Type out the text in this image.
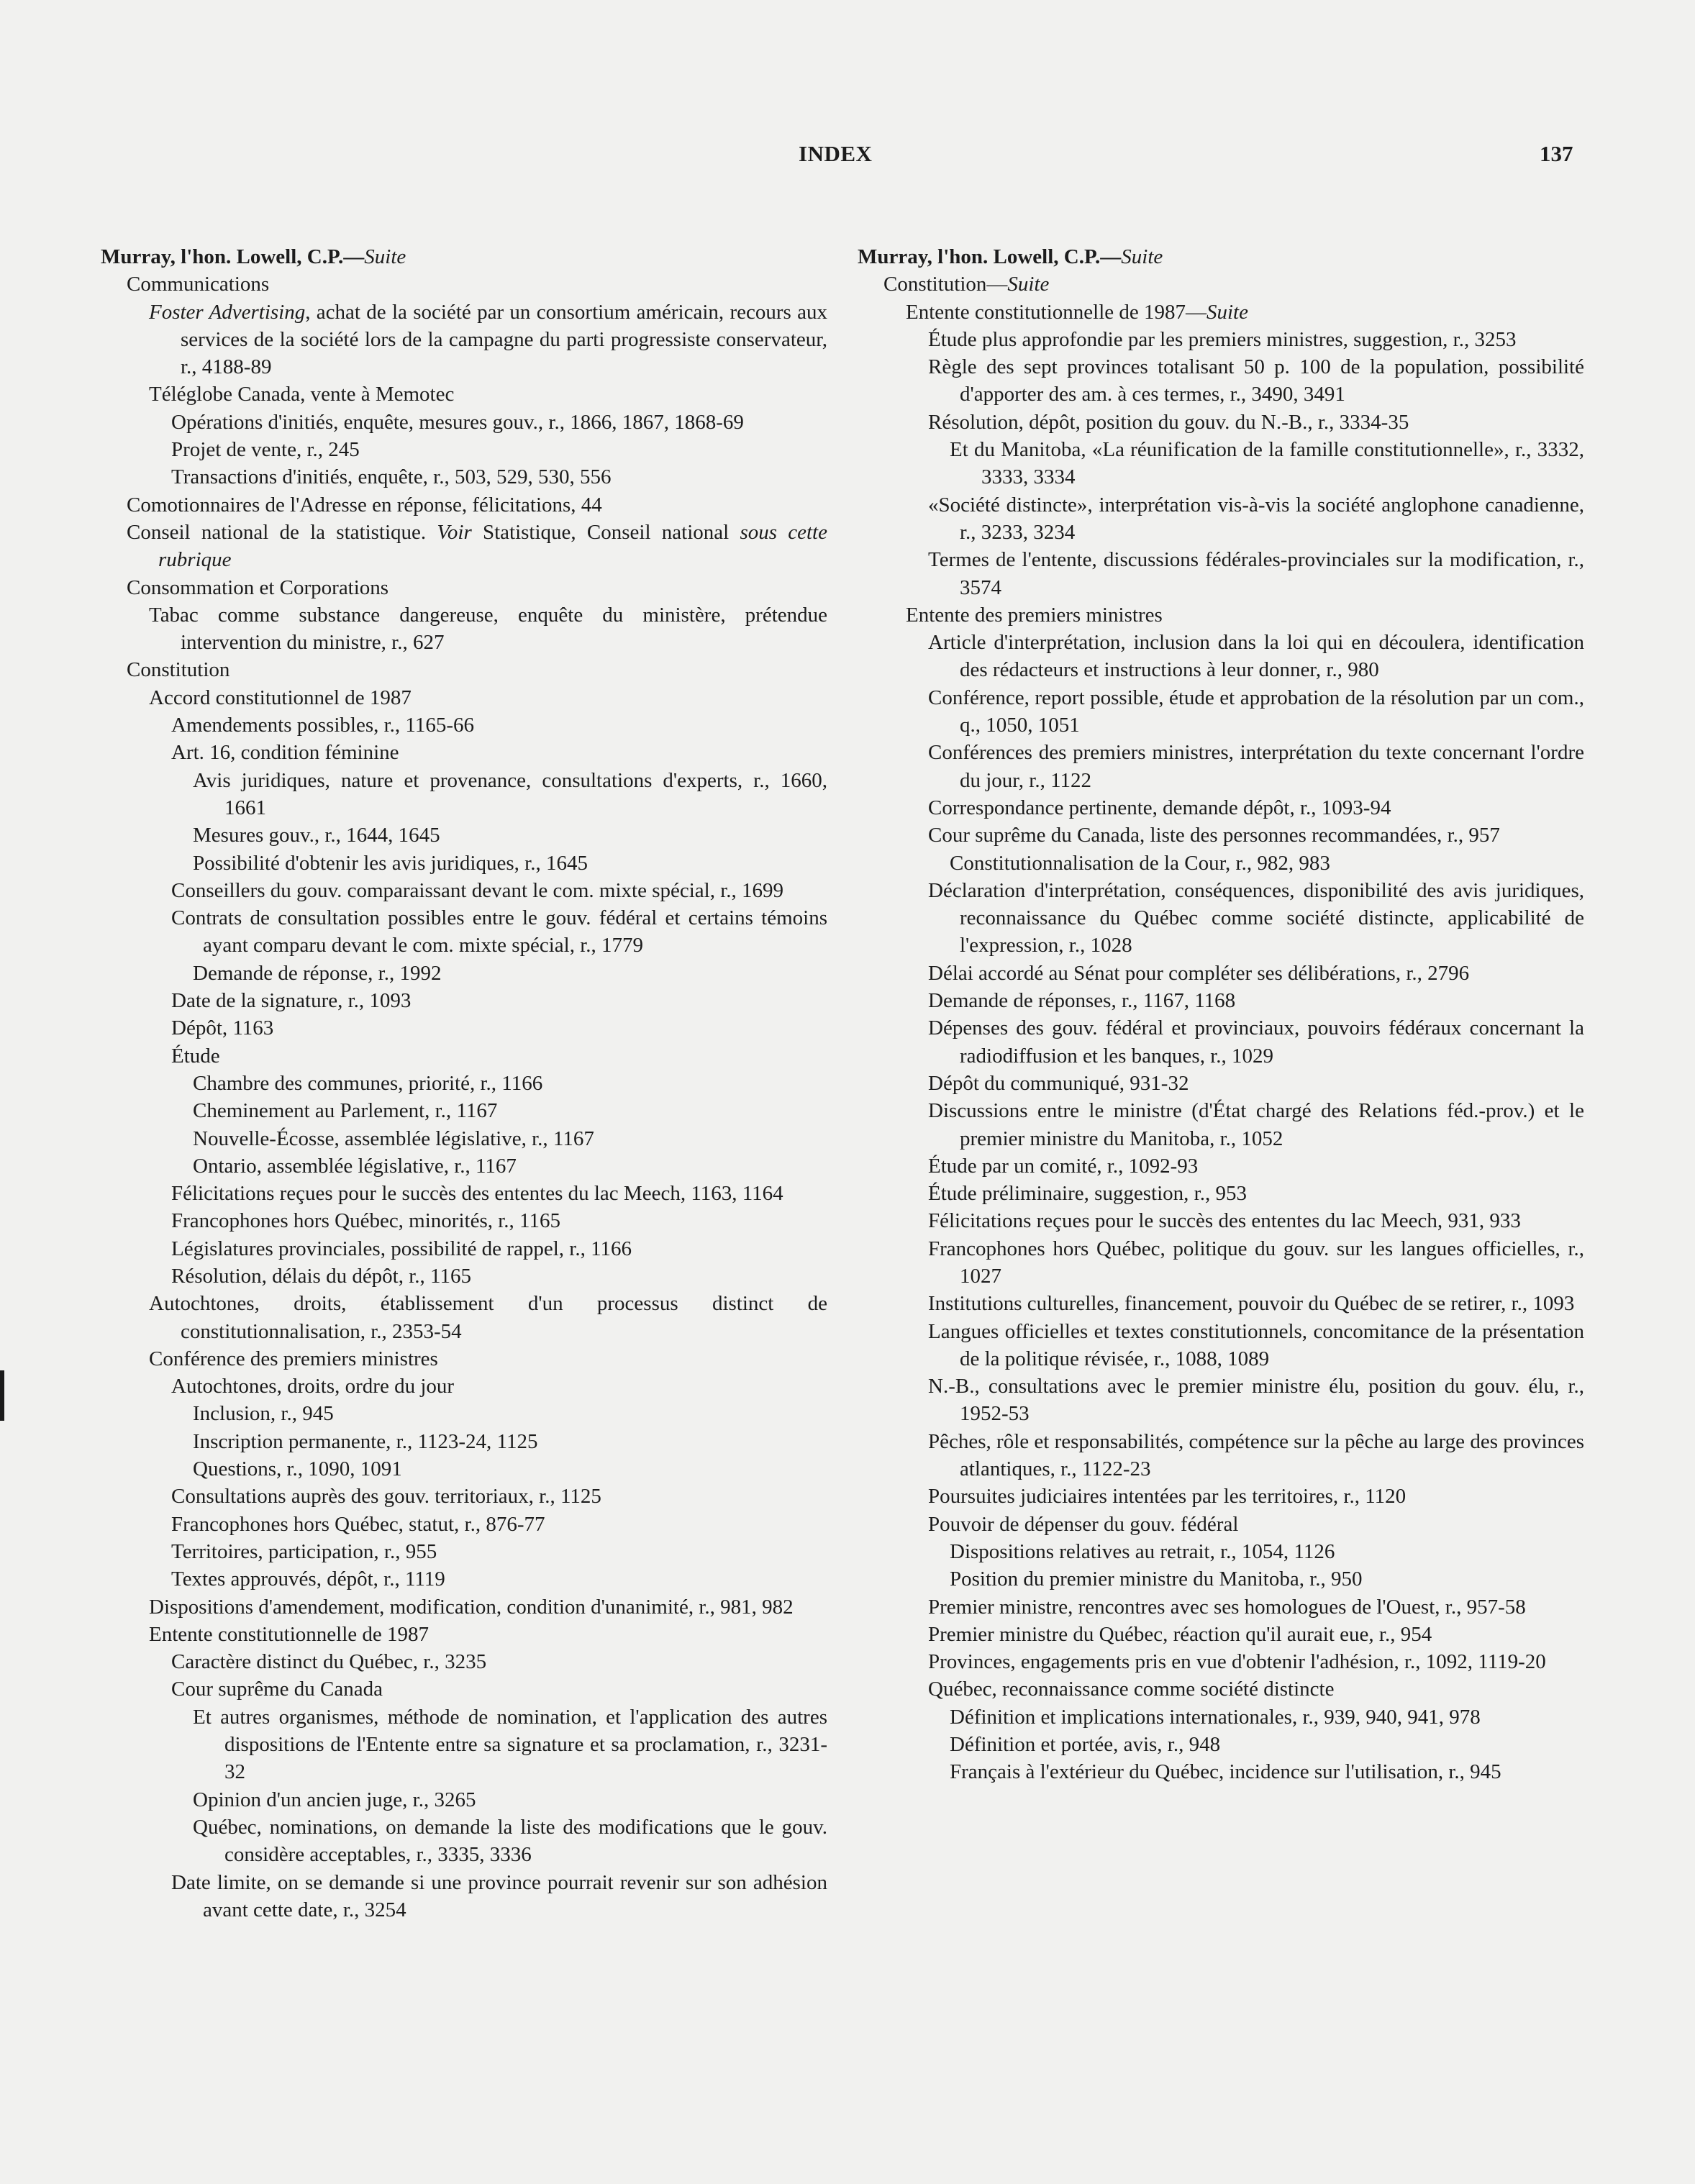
INDEX	137

Murray, l'hon. Lowell, C.P.—Suite

Communications

Foster Advertising, achat de la société par un consortium américain, recours aux services de la société lors de la campagne du parti progressiste conservateur, r., 4188-89

Téléglobe Canada, vente à Memotec

Opérations d'initiés, enquête, mesures gouv., r., 1866, 1867, 1868-69

Projet de vente, r., 245

Transactions d'initiés, enquête, r., 503, 529, 530, 556

Comotionnaires de l'Adresse en réponse, félicitations, 44

Conseil national de la statistique. Voir Statistique, Conseil national sous cette rubrique

Consommation et Corporations

Tabac comme substance dangereuse, enquête du ministère, prétendue intervention du ministre, r., 627

Constitution

Accord constitutionnel de 1987

Amendements possibles, r., 1165-66

Art. 16, condition féminine

Avis juridiques, nature et provenance, consultations d'experts, r., 1660, 1661

Mesures gouv., r., 1644, 1645

Possibilité d'obtenir les avis juridiques, r., 1645

Conseillers du gouv. comparaissant devant le com. mixte spécial, r., 1699

Contrats de consultation possibles entre le gouv. fédéral et certains témoins ayant comparu devant le com. mixte spécial, r., 1779

Demande de réponse, r., 1992

Date de la signature, r., 1093

Dépôt, 1163

Étude

Chambre des communes, priorité, r., 1166

Cheminement au Parlement, r., 1167

Nouvelle-Écosse, assemblée législative, r., 1167

Ontario, assemblée législative, r., 1167

Félicitations reçues pour le succès des ententes du lac Meech, 1163, 1164

Francophones hors Québec, minorités, r., 1165

Législatures provinciales, possibilité de rappel, r., 1166

Résolution, délais du dépôt, r., 1165

Autochtones, droits, établissement d'un processus distinct de constitutionnalisation, r., 2353-54

Conférence des premiers ministres

Autochtones, droits, ordre du jour

Inclusion, r., 945

Inscription permanente, r., 1123-24, 1125

Questions, r., 1090, 1091

Consultations auprès des gouv. territoriaux, r., 1125

Francophones hors Québec, statut, r., 876-77

Territoires, participation, r., 955

Textes approuvés, dépôt, r., 1119

Dispositions d'amendement, modification, condition d'unanimité, r., 981, 982

Entente constitutionnelle de 1987

Caractère distinct du Québec, r., 3235

Cour suprême du Canada

Et autres organismes, méthode de nomination, et l'application des autres dispositions de l'Entente entre sa signature et sa proclamation, r., 3231-32

Opinion d'un ancien juge, r., 3265

Québec, nominations, on demande la liste des modifications que le gouv. considère acceptables, r., 3335, 3336

Date limite, on se demande si une province pourrait revenir sur son adhésion avant cette date, r., 3254

Murray, l'hon. Lowell, C.P.—Suite

Constitution—Suite

Entente constitutionnelle de 1987—Suite

Étude plus approfondie par les premiers ministres, suggestion, r., 3253

Règle des sept provinces totalisant 50 p. 100 de la population, possibilité d'apporter des am. à ces termes, r., 3490, 3491

Résolution, dépôt, position du gouv. du N.-B., r., 3334-35

Et du Manitoba, «La réunification de la famille constitutionnelle», r., 3332, 3333, 3334

«Société distincte», interprétation vis-à-vis la société anglophone canadienne, r., 3233, 3234

Termes de l'entente, discussions fédérales-provinciales sur la modification, r., 3574

Entente des premiers ministres

Article d'interprétation, inclusion dans la loi qui en découlera, identification des rédacteurs et instructions à leur donner, r., 980

Conférence, report possible, étude et approbation de la résolution par un com., q., 1050, 1051

Conférences des premiers ministres, interprétation du texte concernant l'ordre du jour, r., 1122

Correspondance pertinente, demande dépôt, r., 1093-94

Cour suprême du Canada, liste des personnes recommandées, r., 957

Constitutionnalisation de la Cour, r., 982, 983

Déclaration d'interprétation, conséquences, disponibilité des avis juridiques, reconnaissance du Québec comme société distincte, applicabilité de l'expression, r., 1028

Délai accordé au Sénat pour compléter ses délibérations, r., 2796

Demande de réponses, r., 1167, 1168

Dépenses des gouv. fédéral et provinciaux, pouvoirs fédéraux concernant la radiodiffusion et les banques, r., 1029

Dépôt du communiqué, 931-32

Discussions entre le ministre (d'État chargé des Relations féd.-prov.) et le premier ministre du Manitoba, r., 1052

Étude par un comité, r., 1092-93

Étude préliminaire, suggestion, r., 953

Félicitations reçues pour le succès des ententes du lac Meech, 931, 933

Francophones hors Québec, politique du gouv. sur les langues officielles, r., 1027

Institutions culturelles, financement, pouvoir du Québec de se retirer, r., 1093

Langues officielles et textes constitutionnels, concomitance de la présentation de la politique révisée, r., 1088, 1089

N.-B., consultations avec le premier ministre élu, position du gouv. élu, r., 1952-53

Pêches, rôle et responsabilités, compétence sur la pêche au large des provinces atlantiques, r., 1122-23

Poursuites judiciaires intentées par les territoires, r., 1120

Pouvoir de dépenser du gouv. fédéral

Dispositions relatives au retrait, r., 1054, 1126

Position du premier ministre du Manitoba, r., 950

Premier ministre, rencontres avec ses homologues de l'Ouest, r., 957-58

Premier ministre du Québec, réaction qu'il aurait eue, r., 954

Provinces, engagements pris en vue d'obtenir l'adhésion, r., 1092, 1119-20

Québec, reconnaissance comme société distincte

Définition et implications internationales, r., 939, 940, 941, 978

Définition et portée, avis, r., 948

Français à l'extérieur du Québec, incidence sur l'utilisation, r., 945
